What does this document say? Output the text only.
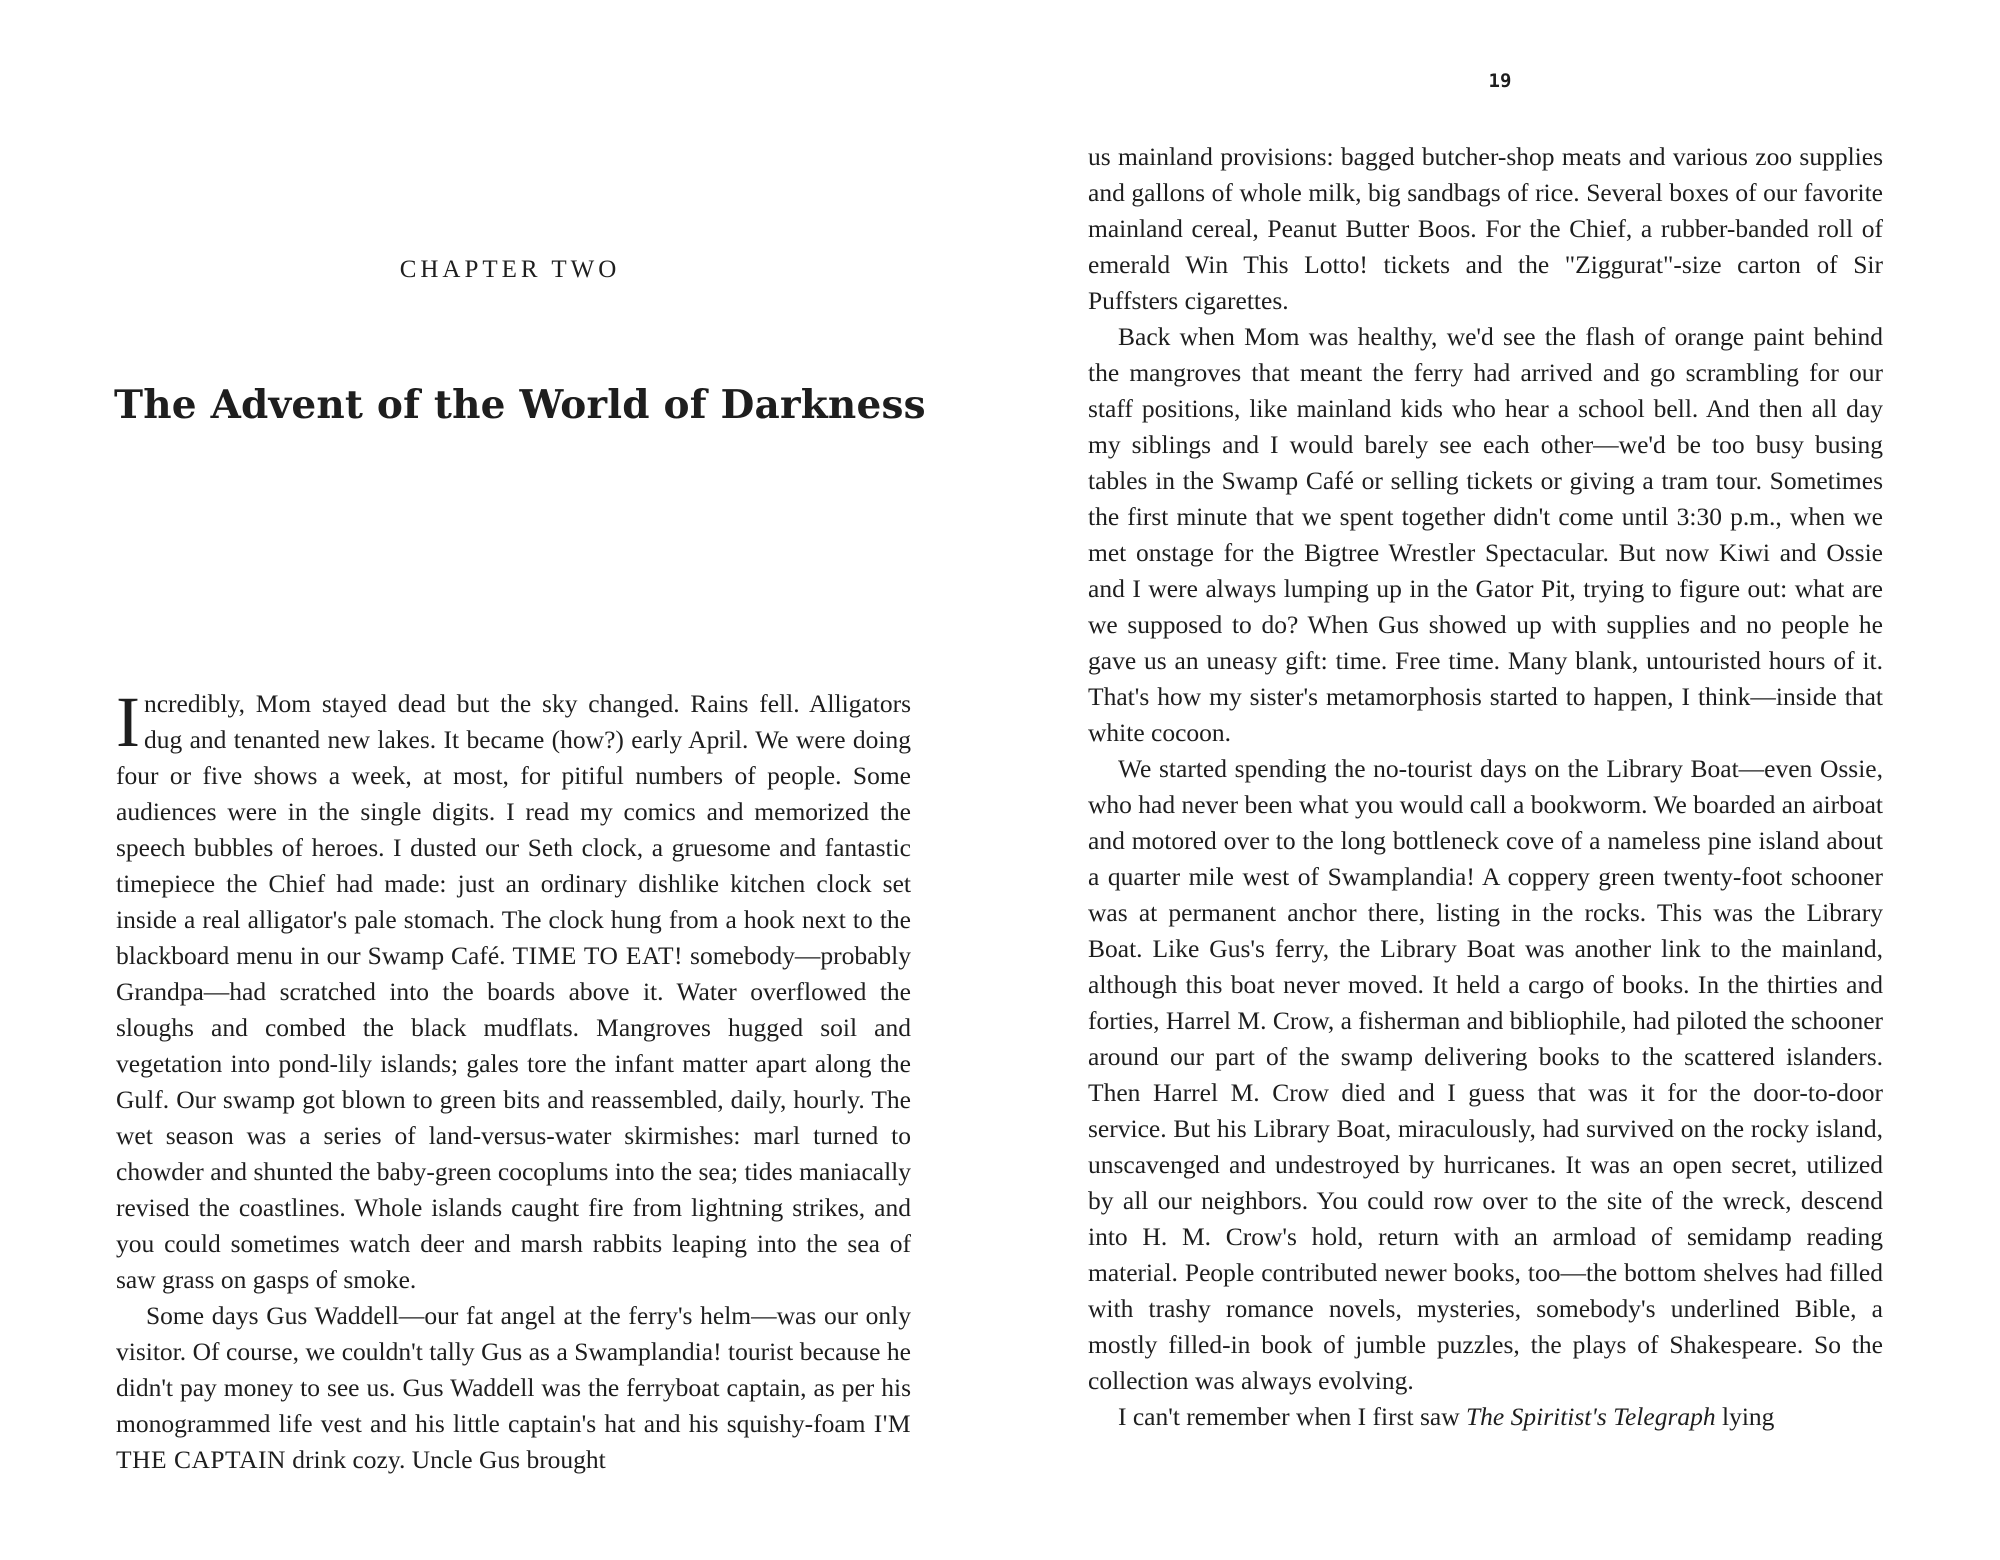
CHAPTER TWO
The Advent of the World of Darkness

Incredibly, Mom stayed dead but the sky changed. Rains fell. Alligators dug and tenanted new lakes. It became (how?) early April. We were doing four or five shows a week, at most, for pitiful numbers of people. Some audiences were in the single digits. I read my comics and memorized the speech bubbles of heroes. I dusted our Seth clock, a gruesome and fantastic timepiece the Chief had made: just an ordinary dishlike kitchen clock set inside a real alligator's pale stomach. The clock hung from a hook next to the blackboard menu in our Swamp Café. TIME TO EAT! somebody—probably Grandpa—had scratched into the boards above it. Water overflowed the sloughs and combed the black mudflats. Mangroves hugged soil and vegetation into pond-lily islands; gales tore the infant matter apart along the Gulf. Our swamp got blown to green bits and reassembled, daily, hourly. The wet season was a series of land-versus-water skirmishes: marl turned to chowder and shunted the baby-green cocoplums into the sea; tides maniacally revised the coastlines. Whole islands caught fire from lightning strikes, and you could sometimes watch deer and marsh rabbits leaping into the sea of saw grass on gasps of smoke.

Some days Gus Waddell—our fat angel at the ferry's helm—was our only visitor. Of course, we couldn't tally Gus as a Swamplandia! tourist because he didn't pay money to see us. Gus Waddell was the ferryboat captain, as per his monogrammed life vest and his little captain's hat and his squishy-foam I'M THE CAPTAIN drink cozy. Uncle Gus brought

19

us mainland provisions: bagged butcher-shop meats and various zoo supplies and gallons of whole milk, big sandbags of rice. Several boxes of our favorite mainland cereal, Peanut Butter Boos. For the Chief, a rubber-banded roll of emerald Win This Lotto! tickets and the "Ziggurat"-size carton of Sir Puffsters cigarettes.

Back when Mom was healthy, we'd see the flash of orange paint behind the mangroves that meant the ferry had arrived and go scrambling for our staff positions, like mainland kids who hear a school bell. And then all day my siblings and I would barely see each other—we'd be too busy busing tables in the Swamp Café or selling tickets or giving a tram tour. Sometimes the first minute that we spent together didn't come until 3:30 p.m., when we met onstage for the Bigtree Wrestler Spectacular. But now Kiwi and Ossie and I were always lumping up in the Gator Pit, trying to figure out: what are we supposed to do? When Gus showed up with supplies and no people he gave us an uneasy gift: time. Free time. Many blank, untouristed hours of it. That's how my sister's metamorphosis started to happen, I think—inside that white cocoon.

We started spending the no-tourist days on the Library Boat—even Ossie, who had never been what you would call a bookworm. We boarded an airboat and motored over to the long bottleneck cove of a nameless pine island about a quarter mile west of Swamplandia! A coppery green twenty-foot schooner was at permanent anchor there, listing in the rocks. This was the Library Boat. Like Gus's ferry, the Library Boat was another link to the mainland, although this boat never moved. It held a cargo of books. In the thirties and forties, Harrel M. Crow, a fisherman and bibliophile, had piloted the schooner around our part of the swamp delivering books to the scattered islanders. Then Harrel M. Crow died and I guess that was it for the door-to-door service. But his Library Boat, miraculously, had survived on the rocky island, unscavenged and undestroyed by hurricanes. It was an open secret, utilized by all our neighbors. You could row over to the site of the wreck, descend into H. M. Crow's hold, return with an armload of semidamp reading material. People contributed newer books, too—the bottom shelves had filled with trashy romance novels, mysteries, somebody's underlined Bible, a mostly filled-in book of jumble puzzles, the plays of Shakespeare. So the collection was always evolving.

I can't remember when I first saw The Spiritist's Telegraph lying
